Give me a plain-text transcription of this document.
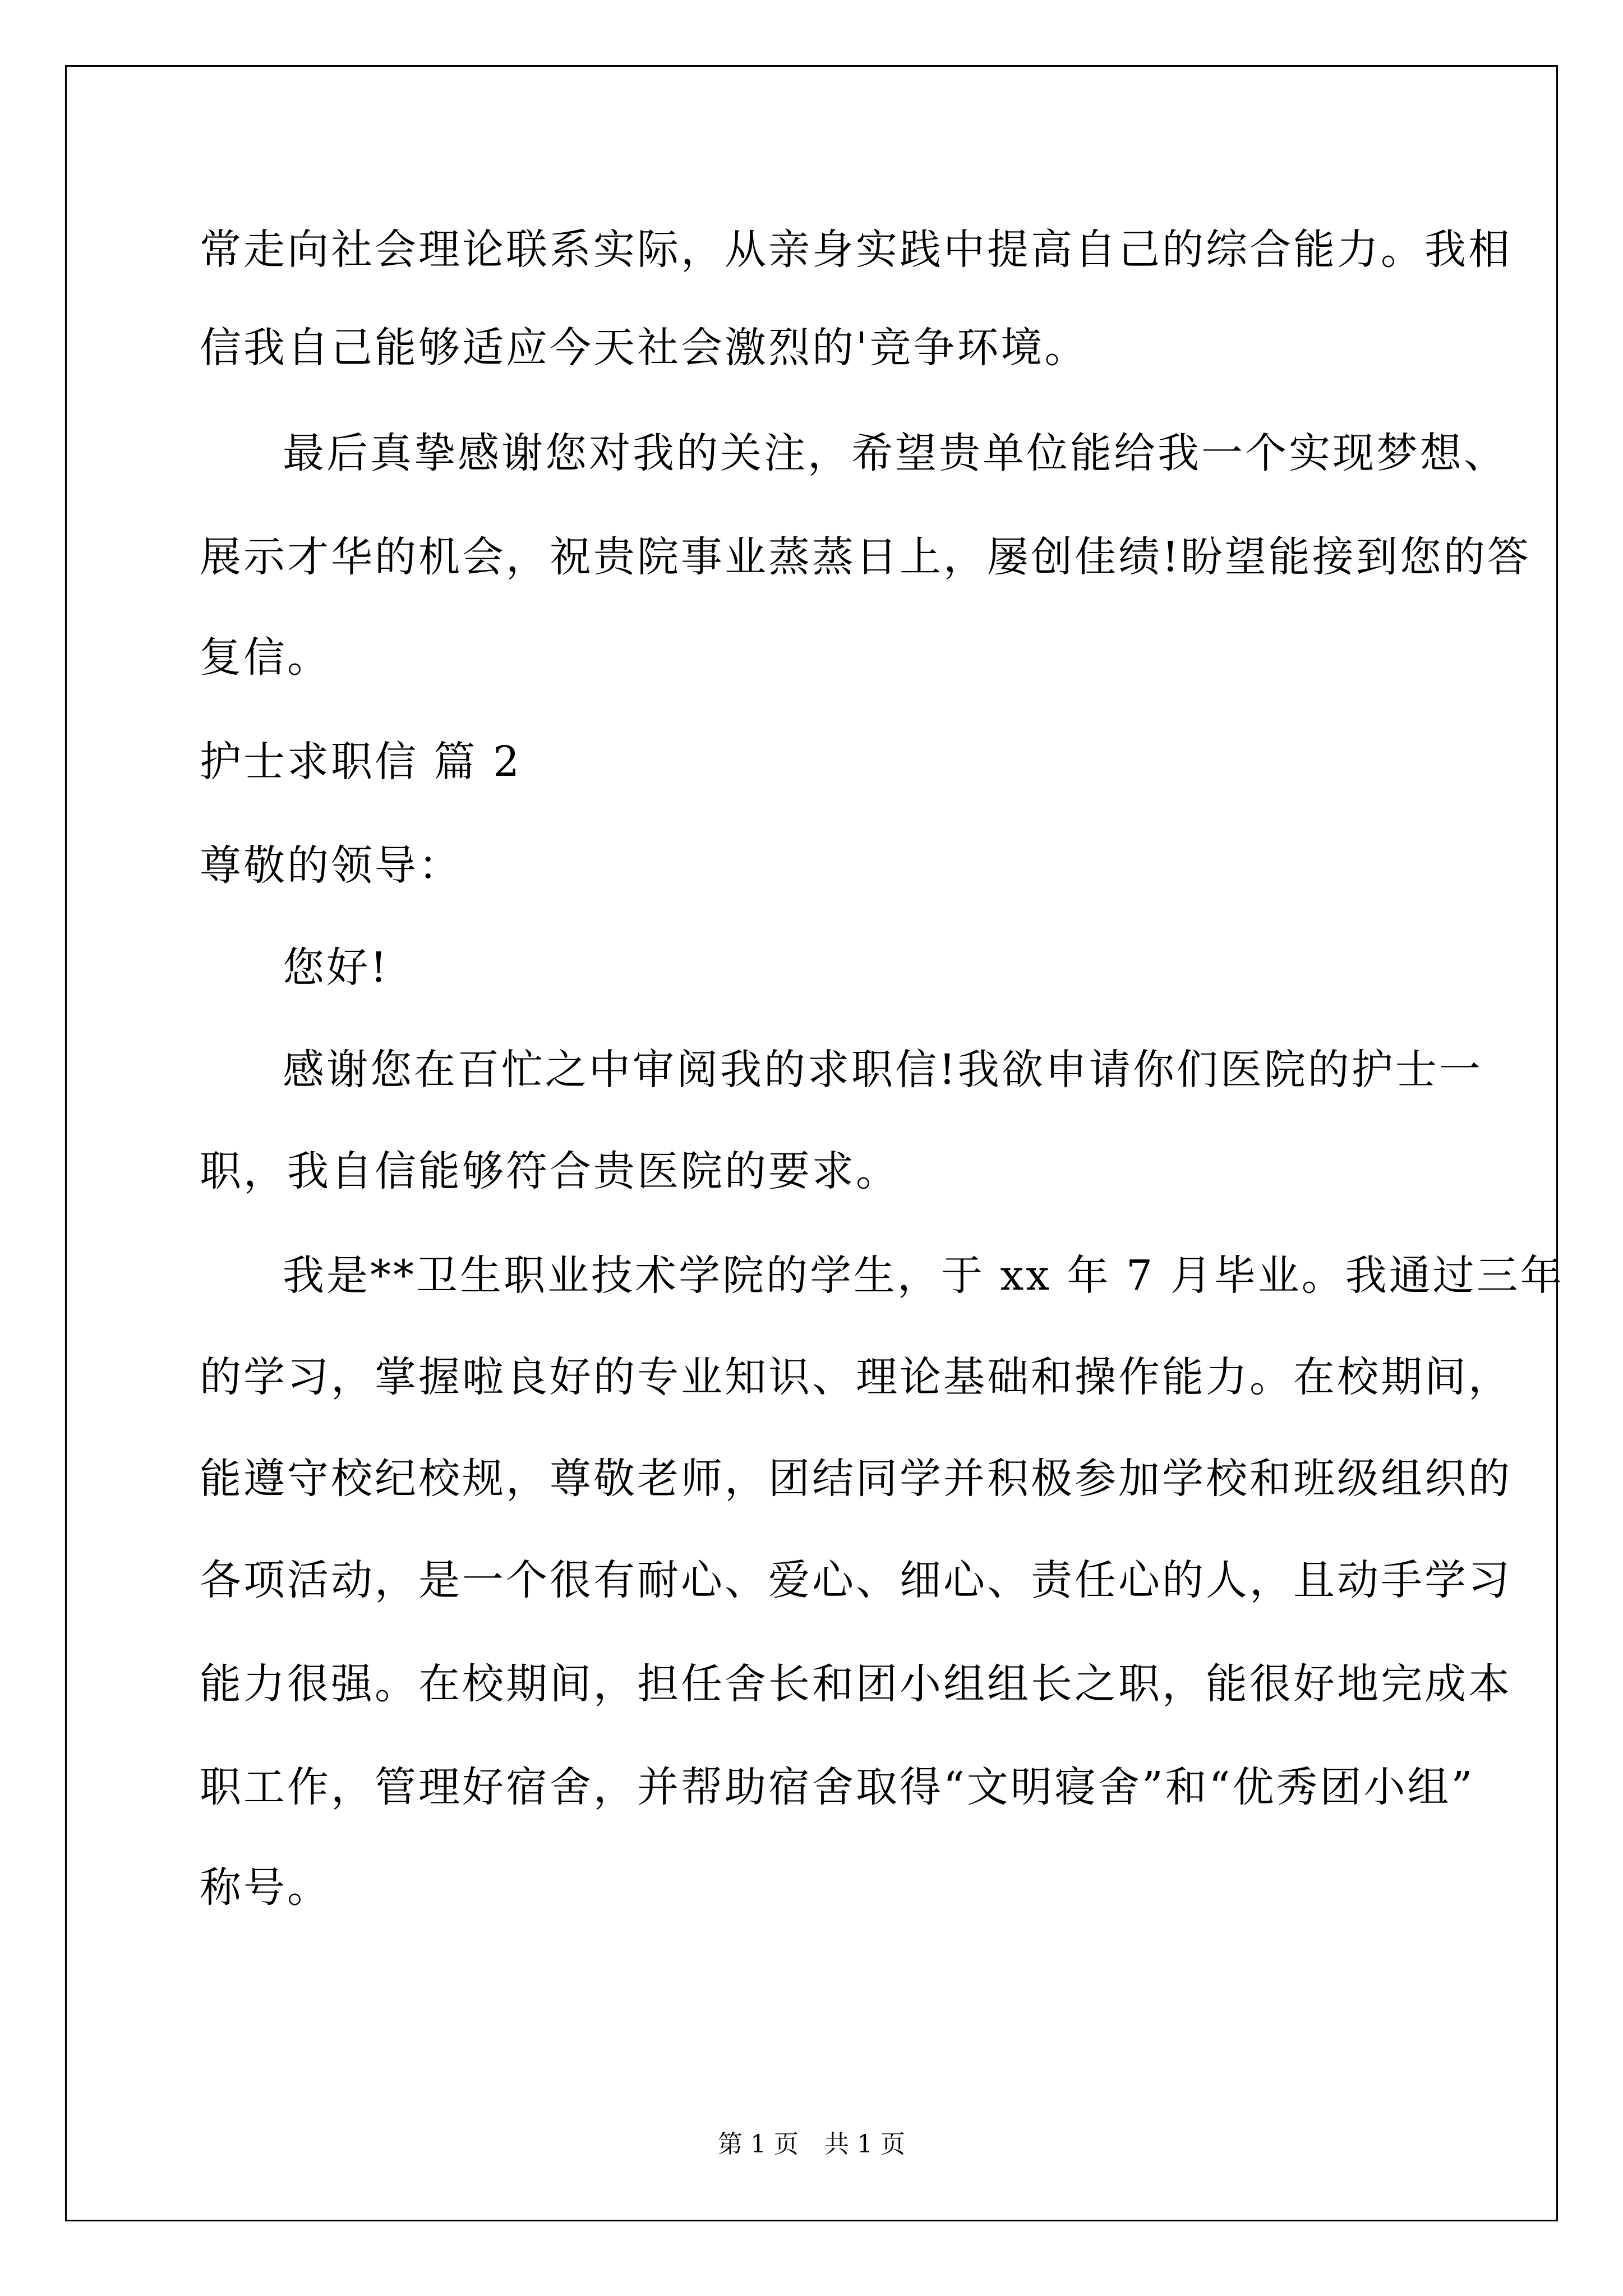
常走向社会理论联系实际，从亲身实践中提高自己的综合能力。我相
信我自己能够适应今天社会激烈的'竞争环境。
最后真挚感谢您对我的关注，希望贵单位能给我一个实现梦想、
展示才华的机会，祝贵院事业蒸蒸日上，屡创佳绩!盼望能接到您的答
复信。
护士求职信 篇 2
尊敬的领导：
您好!
感谢您在百忙之中审阅我的求职信!我欲申请你们医院的护士一
职，我自信能够符合贵医院的要求。
我是**卫生职业技术学院的学生，于 xx 年 7 月毕业。我通过三年
的学习，掌握啦良好的专业知识、理论基础和操作能力。在校期间，
能遵守校纪校规，尊敬老师，团结同学并积极参加学校和班级组织的
各项活动，是一个很有耐心、爱心、细心、责任心的人，且动手学习
能力很强。在校期间，担任舍长和团小组组长之职，能很好地完成本
职工作，管理好宿舍，并帮助宿舍取得“文明寝舍”和“优秀团小组”
称号。
第 1 页 共 1 页
